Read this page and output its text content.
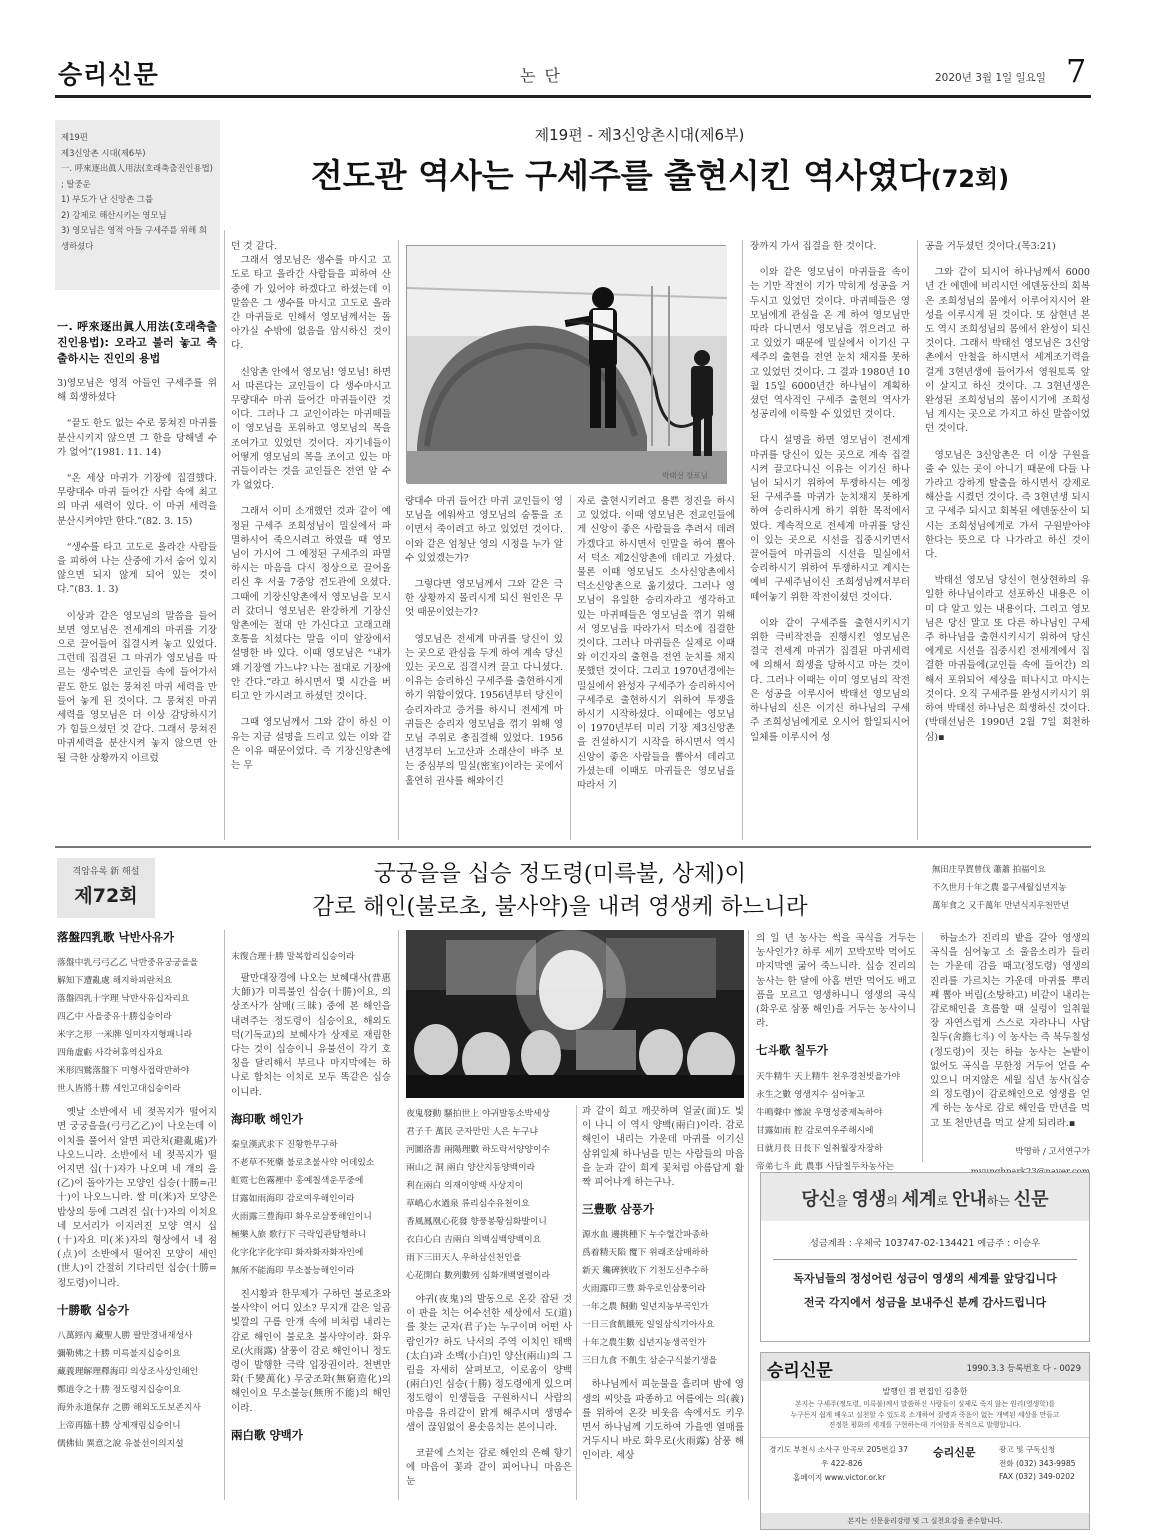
승리신문	논 단	2020년 3월 1일 일요일 7
제19편
제3신앙촌 시대(제6부)
一. 呼來逐出眞人用法(호래축출진인용법)
; 탈중운
1) 부도가 난 신앙촌 그룹
2) 강제로 해산시키는 영모님
3) 영모님은 영적 아들 구세주를 위해 희생하셨다
제19편 - 제3신앙촌시대(제6부)
전도관 역사는 구세주를 출현시킨 역사였다(72회)
박태선 장로님
一. 呼來逐出眞人用法(호래축출진인용법): 오라고 불러 놓고 축출하시는 진인의 용법

3)영모님은 영적 아들인 구세주를 위해 희생하셨다

“끝도 한도 없는 수로 뭉쳐진 마귀를 분산시키지 않으면 그 한을 당해낼 수가 없어”(1981. 11. 14)

“온 세상 마귀가 기장에 집결했다. 무량대수 마귀 들어간 사람 속에 최고의 마귀 세력이 있다. 이 마귀 세력을 분산시켜야만 한다.”(82. 3. 15)

“생수를 타고 고도로 올라간 사람들을 피하여 나는 산중에 가서 숨어 있지 않으면 되지 않게 되어 있는 것이다.”(83. 1. 3)

이상과 같은 영모님의 말씀을 들어보면 영모님은 전세계의 마귀를 기장으로 끌어들여 집결시켜 놓고 있었다. 그런데 집결된 그 마귀가 영모님을 따르는 생수먹은 교인들 속에 들어가서 끝도 한도 없는 뭉쳐진 마귀 세력을 만들어 놓게 된 것이다. 그 뭉쳐진 마귀세력을 영모님은 더 이상 감당하시기가 힘들으셨던 것 같다. 그래서 뭉쳐진 마귀세력을 분산시켜 놓지 않으면 안될 극한 상황까지 이르렀

던 것 같다.

그래서 영모님은 생수를 마시고 고도로 타고 올라간 사람들을 피하여 산중에 가 있어야 하겠다고 하셨는데 이 말씀은 그 생수를 마시고 고도로 올라간 마귀들로 인해서 영모님께서는 돌아가실 수밖에 없음을 암시하신 것이다.

신앙촌 안에서 영모님! 영모님! 하면서 따른다는 교인들이 다 생수마시고 무량대수 마귀 들어간 마귀들이란 것이다. 그러나 그 교인이라는 마귀떼들이 영모님을 포위하고 영모님의 목을 조여가고 있었던 것이다. 자기네들이 어떻게 영모님의 목을 조이고 있는 마귀들이라는 것을 교인들은 전연 알 수가 없었다.

그래서 이미 소개했던 것과 같이 예정된 구세주 조희성님이 밀실에서 파멸하시어 죽으시려고 하였을 때 영모님이 가시어 그 예정된 구세주의 파멸하시는 마음을 다시 정상으로 끌어올리신 후 서울 7중앙 전도관에 오셨다. 그때에 기장신앙촌에서 영모님을 모시러 갔더니 영모님은 완강하게 기장신앙촌에는 절대 안 가신다고 고래고래 호통을 치셨다는 말을 이미 앞장에서 설명한 바 있다. 이때 영모님은 “내가 왜 기장엘 가느냐? 나는 절대로 기장에 안 간다.”라고 하시면서 몇 시간을 버티고 안 가시려고 하셨던 것이다.

그때 영모님께서 그와 같이 하신 이유는 지금 설명을 드리고 있는 이와 같은 이유 때문이었다. 즉 기장신앙촌에는 무

량대수 마귀 들어간 마귀 교인들이 영모님을 에워싸고 영모님의 숨통을 조이면서 죽이려고 하고 있었던 것이다. 이와 같은 엄청난 영의 시정을 누가 알 수 있었겠는가?

그렇다면 영모님께서 그와 같은 극한 상황까지 몰리시게 되신 원인은 무엇 때문이었는가?

영모님은 전세계 마귀를 당신이 있는 곳으로 관심을 두게 하여 계속 당신 있는 곳으로 집결시켜 끌고 다니셨다. 이유는 승리하신 구세주를 출현하시게 하기 위함이었다. 1956년부터 당신이 승리자라고 증거를 하시니 전세계 마귀들은 승리자 영모님을 꺾기 위해 영모님 주위로 총집결해 있었다. 1956년경부터 노고산과 소래산이 바주 보는 중심부의 밀실(密室)이라는 곳에서 홀연히 권사를 해와이긴

자로 출현시키려고 용쁜 정진을 하시고 있었다. 이때 영모님은 전교인들에게 신앙이 좋은 사람들을 추려서 데려가겠다고 하시면서 인말을 하여 뽑아서 덕소 제2신앙촌에 데리고 가셨다. 물론 이때 영모님도 소사신앙촌에서 덕소신앙촌으로 옮기셨다. 그러나 영모님이 유일한 승리자라고 생각하고 있는 마귀떼들은 영모님을 꺾기 위해서 영모님을 따라가서 덕소에 집결한 것이다. 그러나 마귀들은 실제로 이때와 이긴자의 출현을 전연 눈치를 채지 못했던 것이다. 그리고 1970년경에는 밀실에서 완성자 구세주가 승리하시어 구세주로 출현하시기 위하여 투쟁을 하시기 시작하셨다. 이때에는 영모님이 1970년부터 미리 기장 제3신앙촌을 건설하시기 시작을 하시면서 역시 신앙이 좋은 사람들을 뽑아서 데리고 가셨는데 이때도 마귀들은 영모님을 따라서 기

장까지 가서 집결을 한 것이다.

이와 같은 영모님이 마귀들을 속이는 기만 작전이 기가 막히게 성공을 거두시고 있었던 것이다. 마귀떼들은 영모님에게 관심을 온 계 하여 영모님만 따라 다니면서 영모님을 꺾으려고 하고 있었기 때문에 밀실에서 이기신 구세주의 출현을 전연 눈치 채지를 못하고 있었던 것이다. 그 결과 1980년 10월 15일 6000년간 하나님이 계획하셨던 역사적인 구세주 출현의 역사가 성공리에 이룩할 수 있었던 것이다.

다시 설명을 하면 영모님이 전세계 마귀를 당신이 있는 곳으로 계속 집결시켜 끌고다니신 이유는 이기신 하나님이 되시기 위하여 투쟁하시는 예정된 구세주를 마귀가 눈치채지 못하게 하여 승리하시게 하기 위한 목적에서였다. 계속적으로 전세계 마귀를 당신이 있는 곳으로 시선을 집중시키면서 끌어들여 마귀들의 시선을 밀실에서 승리하시기 위하여 투쟁하시고 계시는 예비 구세주님이신 조희성님께서부터 떼어놓기 위한 작전이셨던 것이다.

이와 같이 구세주를 출현시키시기 위한 극비작전을 진행시킨 영모님은 결국 전세계 마귀가 집결된 마귀세력에 의해서 희생을 당하시고 마는 것이다. 그러나 이때는 이미 영모님의 작전은 성공을 이루시어 박태선 영모님의 하나님의 신은 이기신 하나님의 구세주 조희성님에게로 오시어 합일되시어 일체를 이루시어 성

공을 거두셨던 것이다.(목3:21)

그와 같이 되시어 하나님께서 6000년 간 에덴에 비리시던 에덴동산의 회복은 조희성님의 몸에서 이루어지시어 완성을 이루시게 된 것이다. 또 삼현년 본도 역시 조희성님의 몸에서 완성이 되신 것이다. 그래서 박태선 영모님은 3신앙촌에서 안철을 하시면서 세계조기력을 걸게 3현년생에 들어가서 영원토록 앞이 살지고 하신 것이다. 그 3현년생은 완성된 조희성님의 몸이시기에 조희성님 계시는 곳으로 가지고 하신 말씀이었던 것이다.

영모님은 3신앙촌은 더 이상 구원을 줄 수 있는 곳이 아니기 때문에 다들 나가라고 강하게 탈출을 하시면서 강제로 해산을 시켰던 것이다. 즉 3현년생 되시고 구세주 되시고 회복된 에덴동산이 되시는 조희성님에게로 가서 구원받아야 한다는 뜻으로 다 나가라고 하신 것이다.

박태선 영모님 당신이 현상현하의 유일한 하나님이라고 선포하신 내용은 이미 다 알고 있는 내용이다. 그리고 영모님은 당신 말고 또 다른 하나님인 구세주 하나님을 출현시키시기 위하여 당신에게로 시선을 집중시킨 전세계에서 집결한 마귀들에(교인들 속에 들어간) 의해서 포위되어 세상을 떠나시고 마시는 것이다. 오직 구세주를 완성시키시기 위하여 박태선 하나님은 희생하신 것이다.(박태선님은 1990년 2월 7일 회천하심)▪

격암유록 新 해설
제72회
궁궁을을 십승 정도령(미륵불, 상제)이
감로 해인(불로초, 불사약)을 내려 영생케 하느니라
無田庄早賀曾伐 蕭蕭 拍福이요
不久世月十年之農 롤구세월십년지농
萬年食之 又千萬年 만년식지우천만년
落盤四乳歌 낙반사유가
落盤中乳弓弓乙乙 낙반중유궁궁을을
解知下遭亂處 해지하피란처요
落盤四乳十字理 낙반사유십자리요
四乙中 사을중유十勝십승이라
米字之形 一米牌 일미자지형패니라
四角虛虧 사각허휴역십자요
米形四鷲落盤下 미형사접락반하야
世人皆將十勝 세인고대십승이라

옛날 소반에서 네 젖꼭지가 떨어지면 궁궁을을(弓弓乙乙)이 나오는데 이 이치를 풀어서 알면 피란처(避亂處)가 나오느니라. 소반에서 네 젖꼭지가 떨어지면 십(十)자가 나오며 네 개의 을(乙)이 돌아가는 모양인 십승(十勝=卍十)이 나오느니라. 쌀 미(米)자 모양은 밥상의 등에 그려진 십(十)자의 이치요 네 모서리가 이지러진 모양 역시 십(十)자요 미(米)자의 형상에서 네 점(点)이 소반에서 떨어진 모양이 세인(世人)이 간절히 기다리던 십승(十勝=정도령)이니라.

十勝歌 십승가
八萬經內 藏聖人勝 팔만경내재성사
彌勒佛之十勝 미륵불지십승이요
藏義理解理釋海印 의상조사상인해인
鄭道令之十勝 정도령지십승이요
海外永道保存 之勝 해외도도보존지사
上帝再臨十勝 상제재림십승이니
儒佛仙 異意之說 유불선이의지설
末復合理十勝 말복합리십승이라

팔만대장경에 나오는 보혜대사(普惠大師)가 미륵불인 십승(十勝)이요, 의상조사가 삼매(三昧) 중에 본 해인을 내려주는 정도령이 십승이요, 해외도덕(기독교)의 보혜사가 상제로 재림한다는 것이 십승이니 유불선이 각기 호칭을 달리해서 부르나 마지막에는 하나로 합치는 이치로 모두 똑같은 십승이니라.

海印歌 해인가
秦皇漢武求下 진황한무구하
不老草不死藥 불로초불사약 어데있소
虹霓七色霧裡中 홍예칠색운무중에
甘露如雨海印 감로여우해인이라
火雨露三豊海印 화우로삼풍해인이니
極樂入旅 歌行下 극락입관탐행하니
化字化字化字印 화자화자화자인에
無所不能海印 무소불능해인이라

진시황과 한무제가 구하던 불로초와 불사약이 어디 있소? 무지개 같은 일곱 빛깔의 구름 안개 속에 비처럼 내리는 감로 해인이 불로초 불사약이라. 화우로(火雨露) 삼풍이 감로 해인이니 정도령이 발행한 극락 입장권이라. 천변만화(千變萬化) 무궁조화(無窮造化)의 해인이요 무소불능(無所不能)의 해인이라.

兩白歌 양백가
夜鬼發動 騷拍世上 야귀발동소박세상
君子千 萬民 군자만민 人은 누구냐
河圖洛書 兩陽理數 하도락서양양이수
兩山之 洞 兩白 양산지동양백이라
利在兩白 의재이양백 사상지이
草嶋心水過泉 류리심수유천이요
香風鳳凰心花發 향풍봉황심화발이니
衣白心白 吉兩白 의백심백양백이요
雨下三田天人 우하삼신천인을
心花開白 數列數列 심화개백열렬이라

야귀(夜鬼)의 발동으로 온갖 잡된 것이 판을 치는 어수선한 세상에서 도(道)를 찾는 군자(君子)는 누구이며 어떤 사람인가? 하도 낙서의 주역 이치인 태백(太白)과 소백(小白)인 양산(兩山)의 그림을 자세히 살펴보고, 이로움이 양백(兩白)인 심승(十勝) 정도령에게 있으며 정도령이 인생들을 구원하시니 사람의 마음을 유리같이 맑게 해주시며 생명수 샘이 끊임없이 용솟음치는 본이니라.

코끝에 스치는 감로 해인의 은혜 향기에 마음이 꽃과 같이 피어나니 마음은 눈

과 같이 희고 깨끗하며 얼굴(面)도 빛이 나니 이 역시 양백(兩白)이라. 감로 해인이 내리는 가운데 마귀를 이기신 삼위일체 하나님을 믿는 사람들의 마음을 눈과 같이 희게 꽃처럼 아름답게 활짝 피어나게 하는구나.

三豊歌 삼풍가
源水血 邊挑種下 누수혈간파종하
爲着精天陷 覆下 위래조삼매하하
新天 纔碑狹收下 기천도신추수하
火雨露印三豊 화우로인삼풍이라
一年之農 飼動 일년지농부곡인가
一日三食飢餓死 일일삼식기아사요
十年之農生數 십년지농생곡인가
三日九食 不飢生 삼순구식불기생을

하나님께서 피눈물을 흘리며 밤에 영생의 씨앗을 파종하고 여름에는 의(義)를 위하여 온갖 비웃음 속에서도 키우면서 하나님께 기도하여 가을엔 열매를 거두시니 바로 화우로(火雨露) 삼풍 해인이라. 세상

의 일 년 농사는 썩을 곡식을 거두는 농사인가? 하루 세끼 꼬박꼬박 먹어도 마지막엔 굶어 죽느니라. 십승 진리의 농사는 한 달에 아홉 번만 먹어도 배고픔을 모르고 영생하니니 영생의 곡식(화우로 삼풍 해인)을 거두는 농사이니라.

七斗歌 칠두가
天牛精牛 天上精牛 천우경천빗을가야
永生之數 영생지수 심어놓고
牛鳴聲中 慘說 우명성중제녹하야
甘露如雨 腔 감로여우주해시에
日就月長 日長下 일취월장자장하
帝弟七斗 此 農事 사담칠두차농사는

하늘소가 진리의 밭을 갈아 영생의 곡식을 심어놓고 소 울음소리가 들리는 가운데 감을 때고(정도령) 영생의 진리를 가르치는 가운데 마귀를 뿌리째 뽑아 버림(소탕하고) 비같이 내리는 감로해인을 흐름할 때 실렁이 일취월장 자연스럽게 스스로 자라나니 사담칠두(舍擔七斗) 이 농사는 즉 북두칠성(정도령)이 짓는 하늘 농사는 논밭이 없어도 곡식을 무한정 거두어 얻을 수 있으니 머지않은 세월 십년 농사(십승의 정도령)이 감로해인으로 영생을 얻게 하는 농사로 감로 해인을 만년을 먹고 또 천만년을 먹고 살게 되리라.▪

박명하 / 고서연구가
당신을 영생의 세계로 안내하는 신문
성금계좌 : 우체국 103747-02-134421 예금주 : 이승우
독자님들의 정성어린 성금이 영생의 세계를 앞당깁니다
전국 각지에서 성금을 보내주신 분께 감사드립니다
승리신문	1990.3.3 등록번호 다 - 0029
발행인 겸 편집인 김충한
본지는 구세주(정도령, 미륵불)께서 말씀하신 사람들이 실제로 죽지 않는 원리(영생학)를
누구든지 쉽게 배우고 실천할 수 있도록 소개하여 질병과 죽음이 없는 개벽된 세상을 만들고
진정한 평화의 세계를 구현하는데 기여함을 목적으로 발행합니다.
경기도 부천시 소사구 안곡로 205번길 37
우 422-826
홈페이지 www.victor.or.kr
승리신문	광고 및 구독신청
전화 (032) 343-9985
FAX (032) 349-0202
본지는 신문윤리강령 및 그 실천요강을 준수합니다.
